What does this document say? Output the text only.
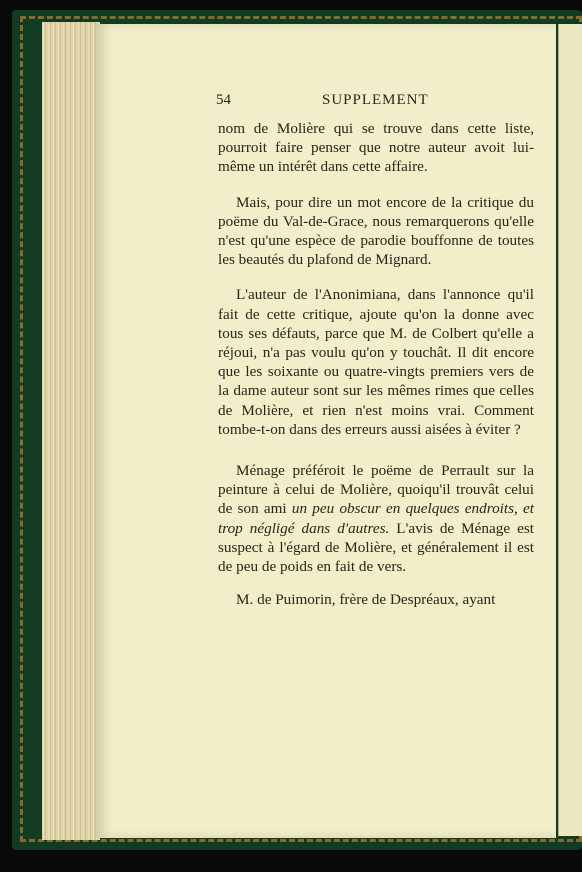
54	SUPPLEMENT

nom de Molière qui se trouve dans cette liste, pourroit faire penser que notre auteur avoit lui-même un intérêt dans cette affaire.

Mais, pour dire un mot encore de la critique du poëme du Val-de-Grace, nous remarquerons qu'elle n'est qu'une espèce de parodie bouffonne de toutes les beautés du plafond de Mignard.

L'auteur de l'Anonimiana, dans l'annonce qu'il fait de cette critique, ajoute qu'on la donne avec tous ses défauts, parce que M. de Colbert qu'elle a réjoui, n'a pas voulu qu'on y touchât. Il dit encore que les soixante ou quatre-vingts premiers vers de la dame auteur sont sur les mêmes rimes que celles de Molière, et rien n'est moins vrai. Comment tombe-t-on dans des erreurs aussi aisées à éviter ?

Ménage préféroit le poëme de Perrault sur la peinture à celui de Molière, quoiqu'il trouvât celui de son ami un peu obscur en quelques endroits, et trop négligé dans d'autres. L'avis de Ménage est suspect à l'égard de Molière, et généralement il est de peu de poids en fait de vers.

M. de Puimorin, frère de Despréaux, ayant
